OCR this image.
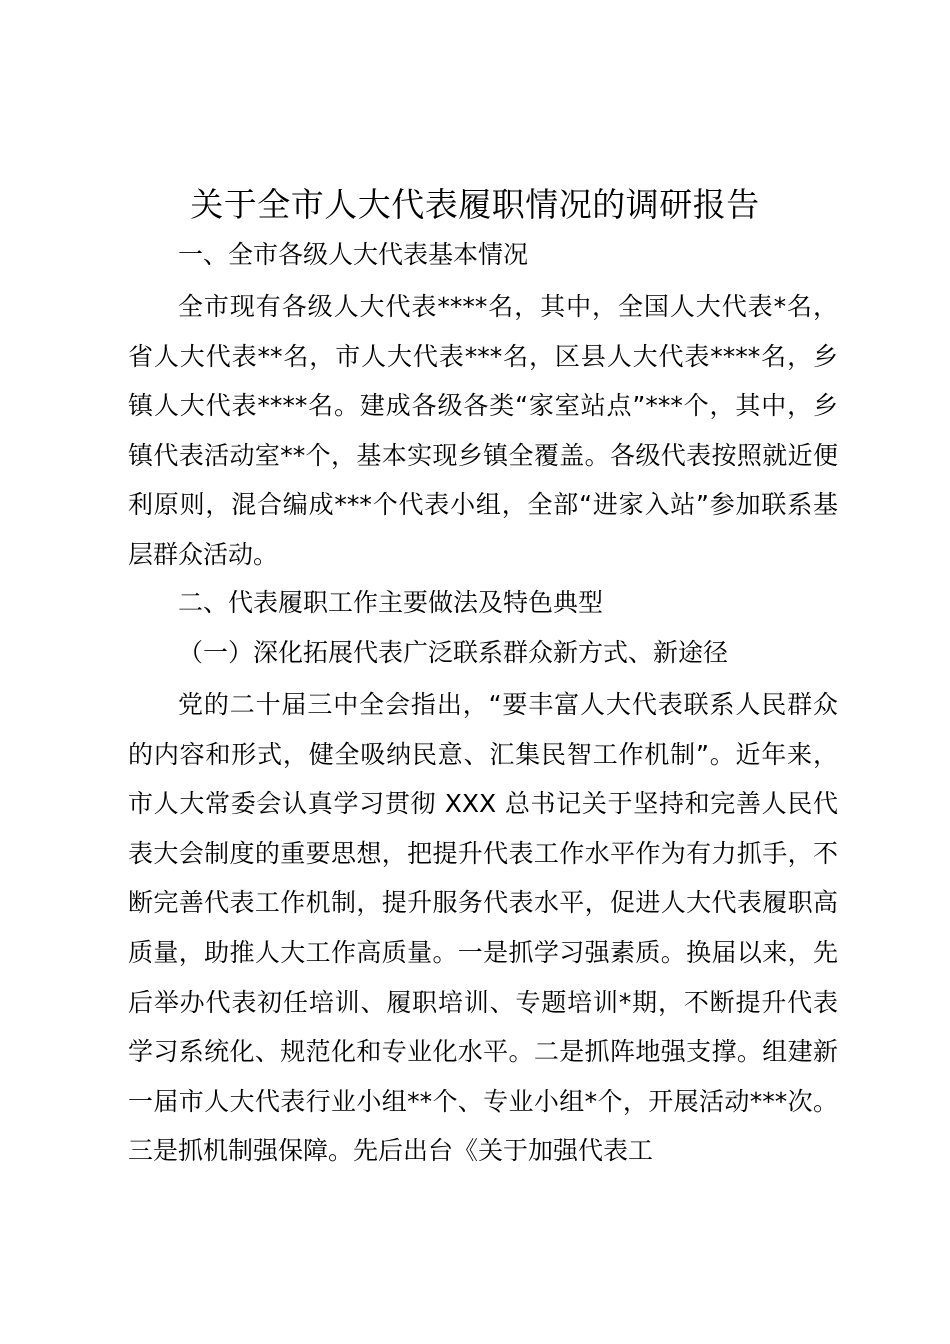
关于全市人大代表履职情况的调研报告
一、全市各级人大代表基本情况

全市现有各级人大代表****名，其中，全国人大代表*名，省人大代表**名，市人大代表***名，区县人大代表****名，乡镇人大代表****名。建成各级各类“家室站点”***个，其中，乡镇代表活动室**个，基本实现乡镇全覆盖。各级代表按照就近便利原则，混合编成***个代表小组，全部“进家入站”参加联系基层群众活动。

二、代表履职工作主要做法及特色典型
（一）深化拓展代表广泛联系群众新方式、新途径

党的二十届三中全会指出，“要丰富人大代表联系人民群众的内容和形式，健全吸纳民意、汇集民智工作机制”。近年来，市人大常委会认真学习贯彻 XXX 总书记关于坚持和完善人民代表大会制度的重要思想，把提升代表工作水平作为有力抓手，不断完善代表工作机制，提升服务代表水平，促进人大代表履职高质量，助推人大工作高质量。一是抓学习强素质。换届以来，先后举办代表初任培训、履职培训、专题培训*期，不断提升代表学习系统化、规范化和专业化水平。二是抓阵地强支撑。组建新一届市人大代表行业小组**个、专业小组*个，开展活动***次。三是抓机制强保障。先后出台《关于加强代表工
